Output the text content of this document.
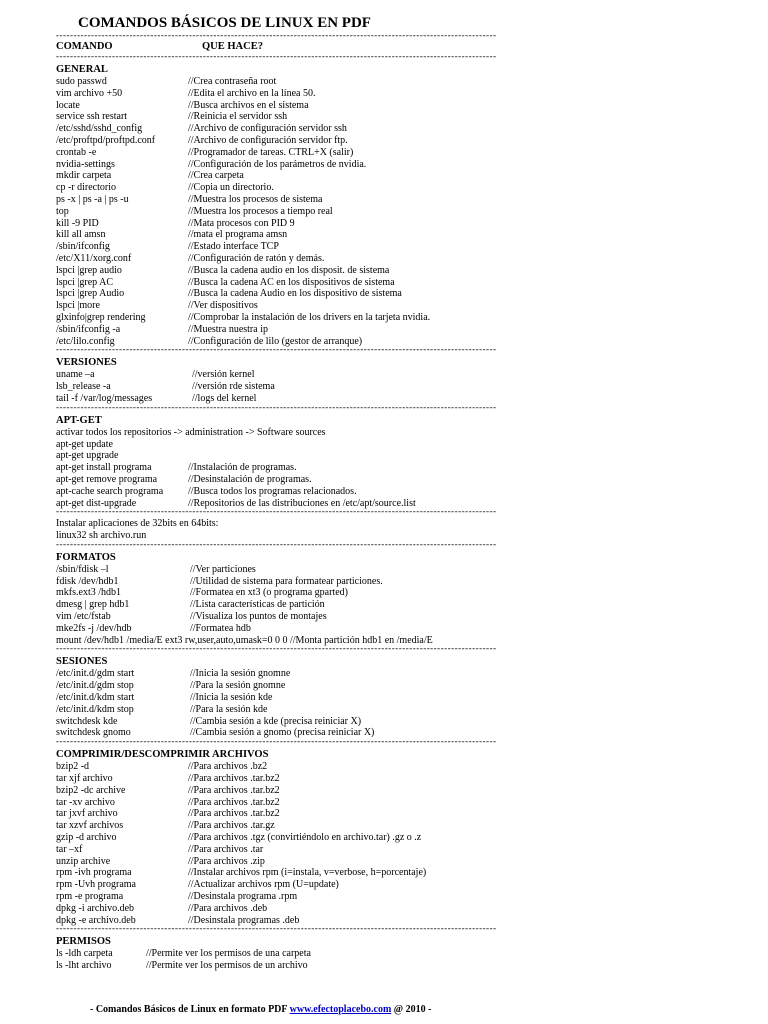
COMANDOS BÁSICOS DE LINUX EN PDF
------------------------------------------------------------------------------------------------------------------------------
COMANDO	QUE HACE?
------------------------------------------------------------------------------------------------------------------------------
GENERAL
sudo passwd	//Crea contraseña root
vim archivo +50	//Edita el archivo en la línea 50.
locate	//Busca archivos en el sistema
service ssh restart	//Reinicia el servidor ssh
/etc/sshd/sshd_config	//Archivo de configuración servidor ssh
/etc/proftpd/proftpd.conf	//Archivo de configuración servidor ftp.
crontab -e	//Programador de tareas. CTRL+X (salir)
nvidia-settings	//Configuración de los parámetros de nvidia.
mkdir carpeta	//Crea carpeta
cp -r directorio	//Copia un directorio.
ps -x | ps -a | ps -u	//Muestra los procesos de sistema
top	//Muestra los procesos a tiempo real
kill -9 PID	//Mata procesos con PID 9
kill all amsn	//mata el programa amsn
/sbin/ifconfig	//Estado interface TCP
/etc/X11/xorg.conf	//Configuración de ratón y demás.
lspci |grep audio	//Busca la cadena audio en los disposit. de sistema
lspci |grep AC	//Busca la cadena AC en los dispositivos de sistema
lspci |grep Audio	//Busca la cadena Audio en los dispositivo de sistema
lspci |more	//Ver dispositivos
glxinfo|grep rendering	//Comprobar la instalación de los drivers en la tarjeta nvidia.
/sbin/ifconfig -a	//Muestra nuestra ip
/etc/lilo.config	//Configuración de lilo (gestor de arranque)
------------------------------------------------------------------------------------------------------------------------------
VERSIONES
uname –a	//versión kernel
lsb_release -a	//versión rde sistema
tail -f /var/log/messages	//logs del kernel
------------------------------------------------------------------------------------------------------------------------------
APT-GET
activar todos los repositorios -> administration -> Software sources
apt-get update
apt-get upgrade
apt-get install programa	//Instalación de programas.
apt-get remove programa	//Desinstalación de programas.
apt-cache search programa //Busca todos los programas relacionados.
apt-get dist-upgrade	//Repositorios de las distribuciones en /etc/apt/source.list
------------------------------------------------------------------------------------------------------------------------------
Instalar aplicaciones de 32bits en 64bits:
linux32 sh archivo.run
------------------------------------------------------------------------------------------------------------------------------
FORMATOS
/sbin/fdisk –l	//Ver particiones
fdisk /dev/hdb1	//Utilidad de sistema para formatear particiones.
mkfs.ext3 /hdb1	//Formatea en xt3 (o programa gparted)
dmesg | grep hdb1	//Lista características de partición
vim /etc/fstab	//Visualiza los puntos de montajes
mke2fs -j /dev/hdb	//Formatea hdb
mount /dev/hdb1 /media/E ext3 rw,user,auto,umask=0 0 0 //Monta partición hdb1 en /media/E
------------------------------------------------------------------------------------------------------------------------------
SESIONES
/etc/init.d/gdm start	//Inicia la sesión gnomne
/etc/init.d/gdm stop	//Para la sesión gnomne
/etc/init.d/kdm start	//Inicia la sesión kde
/etc/init.d/kdm stop	//Para la sesión kde
switchdesk kde	//Cambia sesión a kde (precisa reiniciar X)
switchdesk gnomo	//Cambia sesión a gnomo (precisa reiniciar X)
------------------------------------------------------------------------------------------------------------------------------
COMPRIMIR/DESCOMPRIMIR ARCHIVOS
bzip2 -d	//Para archivos .bz2
tar xjf archivo	//Para archivos .tar.bz2
bzip2 -dc archive	//Para archivos .tar.bz2
tar -xv archivo	//Para archivos .tar.bz2
tar jxvf archivo	//Para archivos .tar.bz2
tar xzvf archivos	//Para archivos .tar.gz
gzip -d archivo	//Para archivos .tgz (convirtiéndolo en archivo.tar) .gz o .z
tar –xf	//Para archivos .tar
unzip archive	//Para archivos .zip
rpm -ivh programa	//Instalar archivos rpm (i=instala, v=verbose, h=porcentaje)
rpm -Uvh programa	//Actualizar archivos rpm (U=update)
rpm -e programa	//Desinstala programa .rpm
dpkg -i archivo.deb	//Para archivos .deb
dpkg -e archivo.deb	//Desinstala programas .deb
------------------------------------------------------------------------------------------------------------------------------
PERMISOS
ls -ldh carpeta	//Permite ver los permisos de una carpeta
ls -lht archivo	//Permite ver los permisos de un archivo
- Comandos Básicos de Linux en formato PDF www.efectoplacebo.com @ 2010 -
